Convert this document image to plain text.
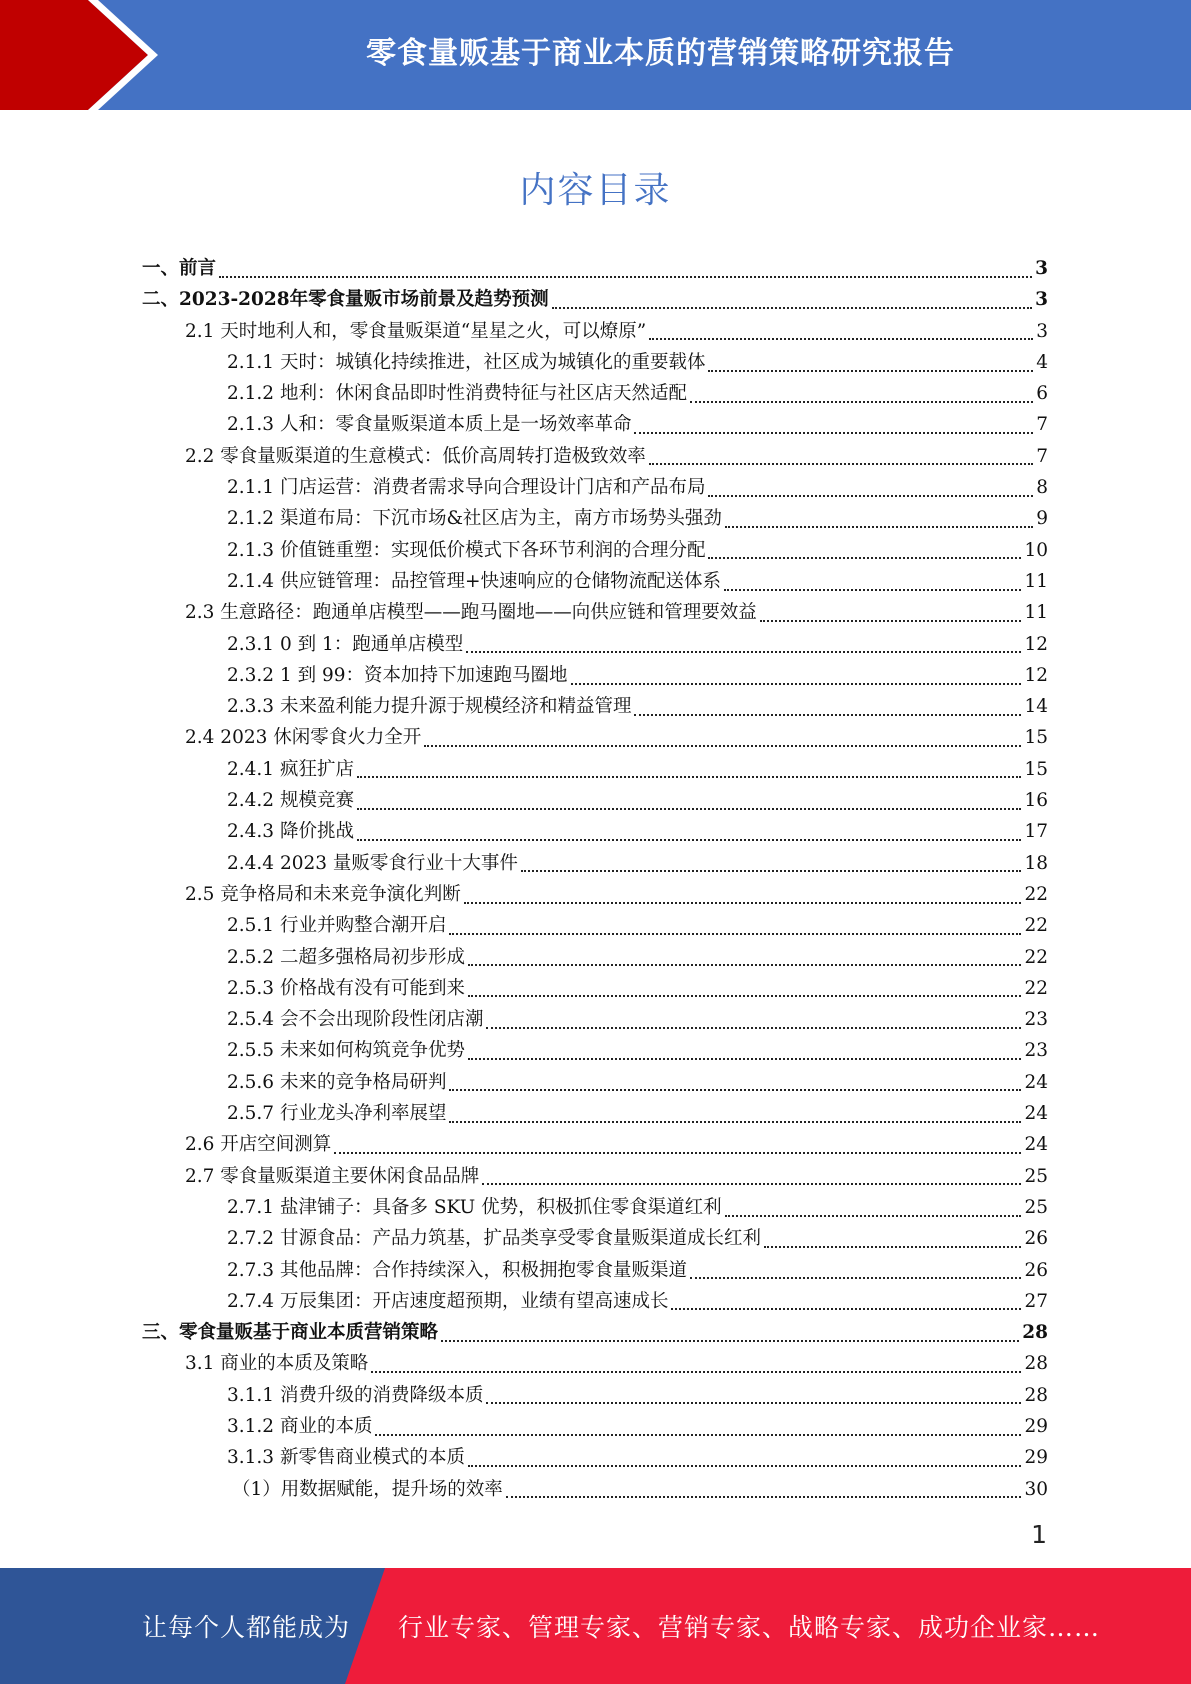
零食量贩基于商业本质的营销策略研究报告
内容目录
一、前言	3
二、2023-2028年零食量贩市场前景及趋势预测	3
2.1 天时地利人和，零食量贩渠道“星星之火，可以燎原”	3
2.1.1 天时：城镇化持续推进，社区成为城镇化的重要载体	4
2.1.2 地利：休闲食品即时性消费特征与社区店天然适配	6
2.1.3 人和：零食量贩渠道本质上是一场效率革命	7
2.2 零食量贩渠道的生意模式：低价高周转打造极致效率	7
2.1.1 门店运营：消费者需求导向合理设计门店和产品布局	8
2.1.2 渠道布局：下沉市场&社区店为主，南方市场势头强劲	9
2.1.3 价值链重塑：实现低价模式下各环节利润的合理分配	10
2.1.4 供应链管理：品控管理+快速响应的仓储物流配送体系	11
2.3 生意路径：跑通单店模型——跑马圈地——向供应链和管理要效益	11
2.3.1 0 到 1：跑通单店模型	12
2.3.2 1 到 99：资本加持下加速跑马圈地	12
2.3.3 未来盈利能力提升源于规模经济和精益管理	14
2.4 2023 休闲零食火力全开	15
2.4.1 疯狂扩店	15
2.4.2 规模竞赛	16
2.4.3 降价挑战	17
2.4.4 2023 量贩零食行业十大事件	18
2.5 竞争格局和未来竞争演化判断	22
2.5.1 行业并购整合潮开启	22
2.5.2 二超多强格局初步形成	22
2.5.3 价格战有没有可能到来	22
2.5.4 会不会出现阶段性闭店潮	23
2.5.5 未来如何构筑竞争优势	23
2.5.6 未来的竞争格局研判	24
2.5.7 行业龙头净利率展望	24
2.6 开店空间测算	24
2.7 零食量贩渠道主要休闲食品品牌	25
2.7.1 盐津铺子：具备多 SKU 优势，积极抓住零食渠道红利	25
2.7.2 甘源食品：产品力筑基，扩品类享受零食量贩渠道成长红利	26
2.7.3 其他品牌：合作持续深入，积极拥抱零食量贩渠道	26
2.7.4 万辰集团：开店速度超预期，业绩有望高速成长	27
三、零食量贩基于商业本质营销策略	28
3.1 商业的本质及策略	28
3.1.1 消费升级的消费降级本质	28
3.1.2 商业的本质	29
3.1.3 新零售商业模式的本质	29
（1）用数据赋能，提升场的效率	30
1
让每个人都能成为 行业专家、管理专家、营销专家、战略专家、成功企业家……
